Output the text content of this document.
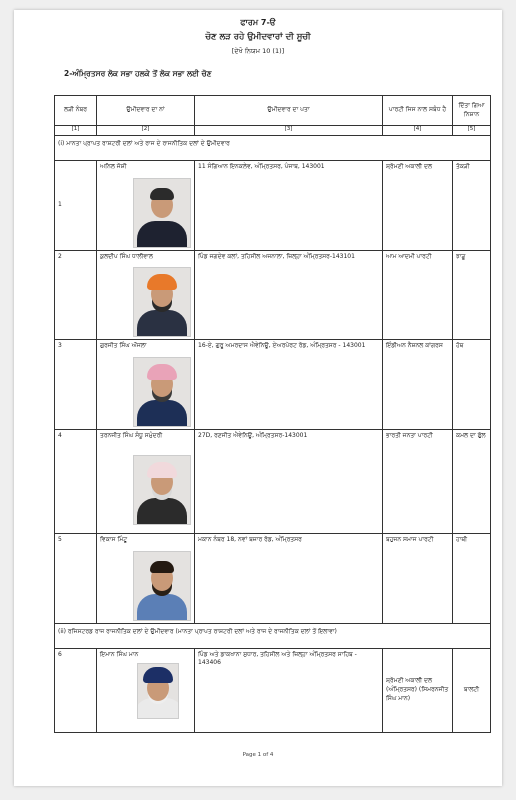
ਫਾਰਮ 7-ੳ
ਚੋਣ ਲੜ ਰਹੇ ਉਮੀਦਵਾਰਾਂ ਦੀ ਸੂਚੀ
[ਦੇਖੋ ਨਿਯਮ 10 (1)]
2-ਅੰਮ੍ਰਿਤਸਰ ਲੋਕ ਸਭਾ ਹਲਕੇ ਤੋਂ ਲੋਕ ਸਭਾ ਲਈ ਚੋਣ
ਲੜੀ ਨੰਬਰ	ਉਮੀਦਵਾਰ ਦਾ ਨਾਂ	ਉਮੀਦਵਾਰ ਦਾ ਪਤਾ	ਪਾਰਟੀ ਜਿਸ ਨਾਲ ਸਬੰਧ ਹੈ	ਦਿੱਤਾ ਗਿਆ ਨਿਸ਼ਾਨ
[1]	[2]	[3]	[4]	[5]
(i) ਮਾਨਤਾ ਪ੍ਰਾਪਤ ਰਾਸ਼ਟਰੀ ਦਲਾਂ ਅਤੇ ਰਾਜ ਦੇ ਰਾਜਨੀਤਿਕ ਦਲਾਂ ਦੇ ਉਮੀਦਵਾਰ				
1	ਅਨਿਲ ਜੋਸ਼ੀ	11 ਸੰਗਿਆਨ ਇਨਕਲੇਵ, ਅੰਮ੍ਰਿਤਸਰ, ਪੰਜਾਬ, 143001	ਸ਼੍ਰੋਮਣੀ ਅਕਾਲੀ ਦਲ	ਤੱਕੜੀ
2	ਕੁਲਦੀਪ ਸਿੰਘ ਧਾਲੀਵਾਲ	ਪਿੰਡ ਜਗਦੇਵ ਕਲਾਂ, ਤਹਿਸੀਲ ਅਜਨਾਲਾ, ਜ਼ਿਲ੍ਹਾ ਅੰਮ੍ਰਿਤਸਰ-143101	ਆਮ ਆਦਮੀ ਪਾਰਟੀ	ਝਾੜੂ
3	ਗੁਰਜੀਤ ਸਿੰਘ ਔਜਲਾ	16-ਏ, ਗੁਰੂ ਅਮਰਦਾਸ ਐਵੇਨਿਊ, ਏਅਰਪੋਰਟ ਰੋਡ, ਅੰਮ੍ਰਿਤਸਰ - 143001	ਇੰਡੀਅਨ ਨੈਸ਼ਨਲ ਕਾਂਗਰਸ	ਹੱਥ
4	ਤਰਨਜੀਤ ਸਿੰਘ ਸੰਧੂ ਸਮੁੰਦਰੀ	27D, ਰਣਜੀਤ ਐਵੇਨਿਊ, ਅੰਮ੍ਰਿਤਸਰ-143001	ਭਾਰਤੀ ਜਨਤਾ ਪਾਰਟੀ	ਕਮਲ ਦਾ ਫੁੱਲ
5	ਵਿਕਾਸ ਮਿੰਟੂ	ਮਕਾਨ ਨੰਬਰ 18, ਨਵਾਂ ਬਜ਼ਾਰ ਰੋਡ, ਅੰਮ੍ਰਿਤਸਰ	ਬਹੁਜਨ ਸਮਾਜ ਪਾਰਟੀ	ਹਾਥੀ
(ii) ਰਜਿਸਟਰਡ ਰਾਜ ਰਾਜਨੀਤਿਕ ਦਲਾਂ ਦੇ ਉਮੀਦਵਾਰ (ਮਾਨਤਾ ਪ੍ਰਾਪਤ ਰਾਸ਼ਟਰੀ ਦਲਾਂ ਅਤੇ ਰਾਜ ਦੇ ਰਾਜਨੀਤਿਕ ਦਲਾਂ ਤੋਂ ਇਲਾਵਾ)				
6	ਇਮਾਨ ਸਿੰਘ ਮਾਨ	ਪਿੰਡ ਅਤੇ ਡਾਕਖਾਨਾ ਸੁਧਾਰ, ਤਹਿਸੀਲ ਅਤੇ ਜ਼ਿਲ੍ਹਾ ਅੰਮ੍ਰਿਤਸਰ ਸਾਹਿਬ - 143406	ਸ਼੍ਰੋਮਣੀ ਅਕਾਲੀ ਦਲ (ਅੰਮ੍ਰਿਤਸਰ) (ਸਿਮਰਨਜੀਤ ਸਿੰਘ ਮਾਨ)	ਬਾਲਟੀ
Page 1 of 4
